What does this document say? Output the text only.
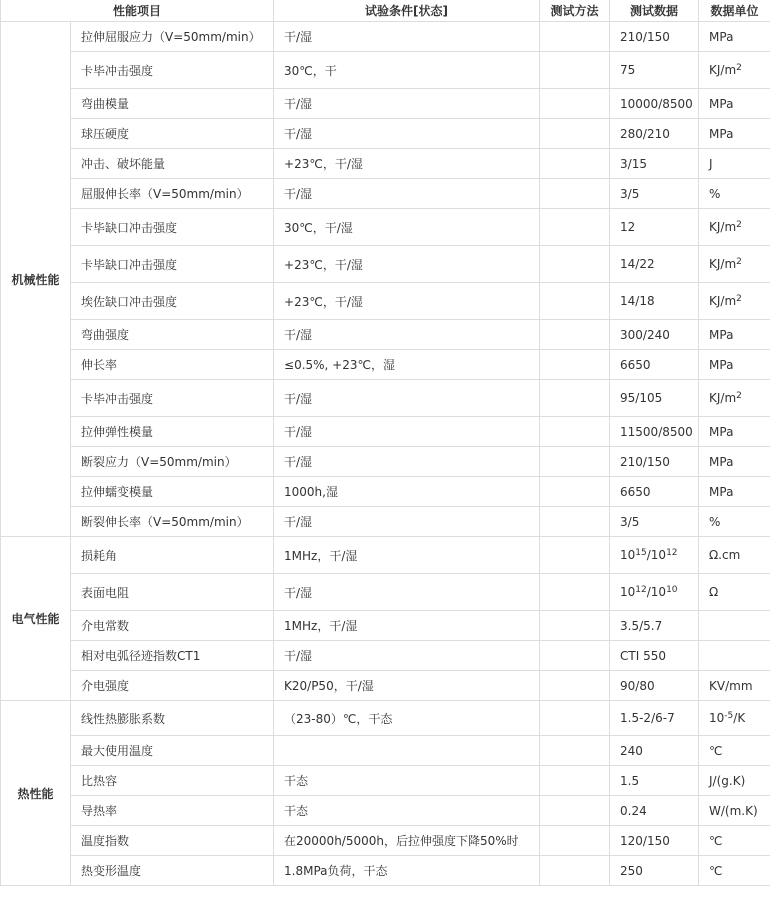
性能项目		试验条件[状态]	测试方法	测试数据	数据单位
机械性能	拉伸屈服应力（V=50mm/min）	干/湿		210/150	MPa
	卡毕冲击强度	30℃，干		75	$KJ/m^2$
	弯曲模量	干/湿		10000/8500	MPa
	球压硬度	干/湿		280/210	MPa
	冲击、破坏能量	+23℃，干/湿		3/15	J
	屈服伸长率（V=50mm/min）	干/湿		3/5	%
	卡毕缺口冲击强度	30℃，干/湿		12	$KJ/m^2$
	卡毕缺口冲击强度	+23℃，干/湿		14/22	$KJ/m^2$
	埃佐缺口冲击强度	+23℃，干/湿		14/18	$KJ/m^2$
	弯曲强度	干/湿		300/240	MPa
	伸长率	≤0.5%, +23℃，湿		6650	MPa
	卡毕冲击强度	干/湿		95/105	$KJ/m^2$
	拉伸弹性模量	干/湿		11500/8500	MPa
	断裂应力（V=50mm/min）	干/湿		210/150	MPa
	拉伸蠕变模量	1000h,湿		6650	MPa
	断裂伸长率（V=50mm/min）	干/湿		3/5	%
电气性能	损耗角	1MHz，干/湿		$10^{15}/10^{12}$	Ω.cm
	表面电阻	干/湿		$10^{12}/10^{10}$	Ω
	介电常数	1MHz，干/湿		3.5/5.7	
	相对电弧径迹指数CT1	干/湿		CTI 550	
	介电强度	K20/P50，干/湿		90/80	KV/mm
热性能	线性热膨胀系数	（23-80）℃，干态		1.5-2/6-7	$10^{-5}/K$
	最大使用温度			240	℃
	比热容	干态		1.5	J/(g.K)
	导热率	干态		0.24	W/(m.K)
	温度指数	在20000h/5000h，后拉伸强度下降50%时		120/150	℃
	热变形温度	1.8MPa负荷，干态		250	℃
